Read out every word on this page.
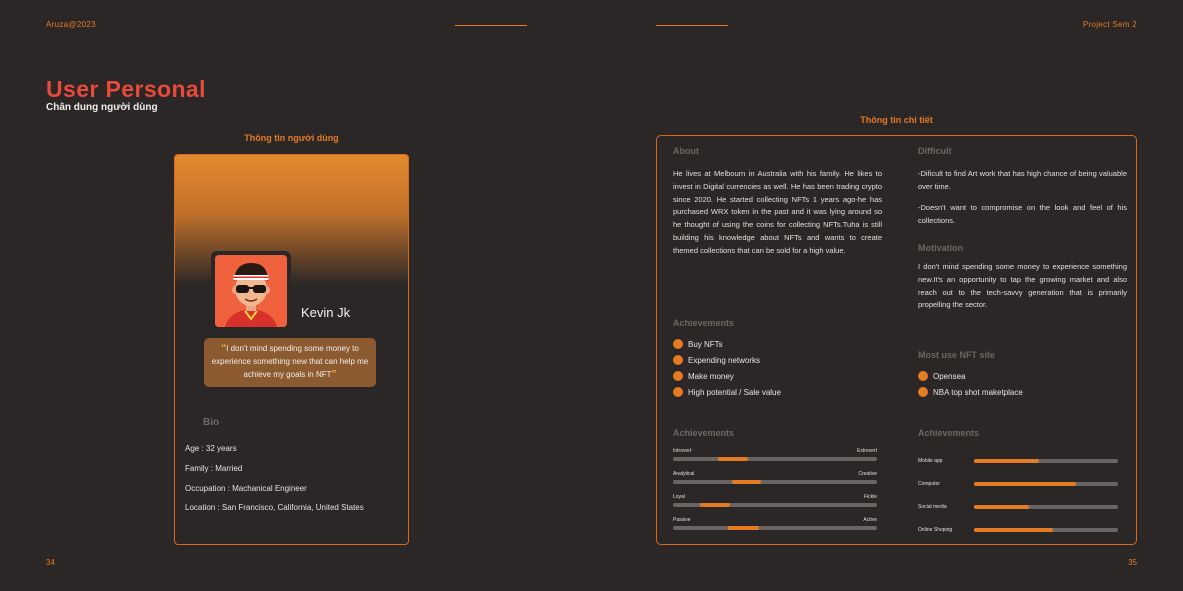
Aruza@2023	Project Sem 2
User Personal
Chân dung người dùng
Thông tin người dùng
Kevin Jk
“I don't mind spending some money to experience something new that can help me achieve my goals in NFT”
Bio
Age : 32 years
Family : Married
Occupation : Machanical Engineer
Location : San Francisco, California, United States
Thông tin chi tiết
About
He lives at Melbourn in Australia with his family. He likes to invest in Digital currencies as well. He has been trading crypto since 2020. He started collecting NFTs 1 years ago-he has purchased WRX token in the past and it was lying around so he thought of using the coins for collecting NFTs.Tuha is still building his knowledge about NFTs and wants to create themed collections that can be sold for a high value.
Difficult
-Dificult to find Art work that has high chance of being valuable over time.
-Doesn't want to compromise on the look and feel of his collections.
Motivation
I don't mind spending some money to experience something new.It's an opportunity to tap the growing market and also reach out to the tech-savvy generation that is primarily propelling the sector.
Achievements
Buy NFTs
Expending networks
Make money
High potential / Sale value
Most use NFT site
Opensea
NBA top shot maketplace
Achievements
Introvert	Extrovert
Analytical	Creative
Loyal	Fickle
Passive	Active
Achievements
Mobile app
Computer
Social media
Online Shoping
34	35
